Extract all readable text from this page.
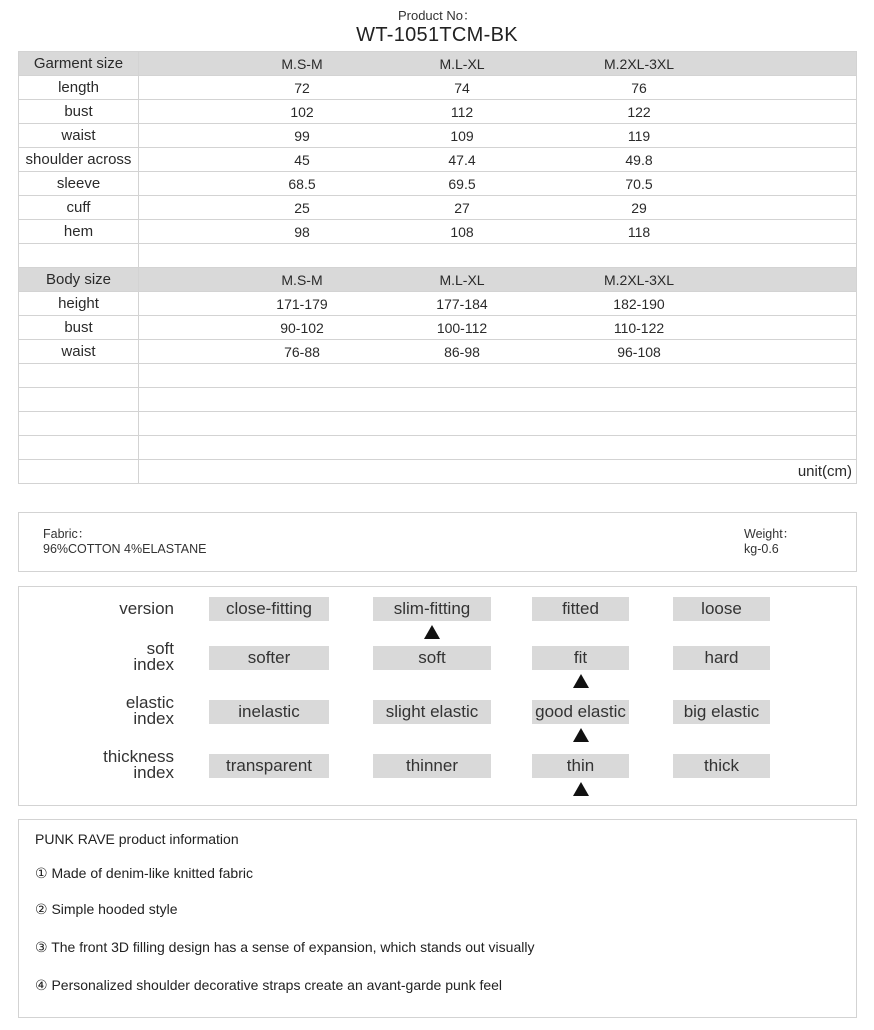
Product No：
WT-1051TCM-BK
Garment size	M.S-M M.L-XL M.2XL-3XL

length	72 74 76

bust	102 112 122

waist	99 109 119

shoulder across	45 47.4 49.8

sleeve	68.5 69.5 70.5

cuff	25 27 29

hem	98 108 118

Body size	M.S-M M.L-XL M.2XL-3XL

height	171-179 177-184 182-190

bust	90-102 100-112 110-122

waist	76-88 86-98 96-108

	unit(cm)
Fabric：
96%COTTON 4%ELASTANE
Weight：
kg-0.6
version	close-fitting	slim-fitting	fitted	loose
soft
index	softer	soft	fit	hard
elastic
index	inelastic	slight elastic	good elastic	big elastic
thickness
index	transparent	thinner	thin	thick
PUNK RAVE product information
① Made of denim-like knitted fabric
② Simple hooded style
③ The front 3D filling design has a sense of expansion, which stands out visually
④ Personalized shoulder decorative straps create an avant-garde punk feel
